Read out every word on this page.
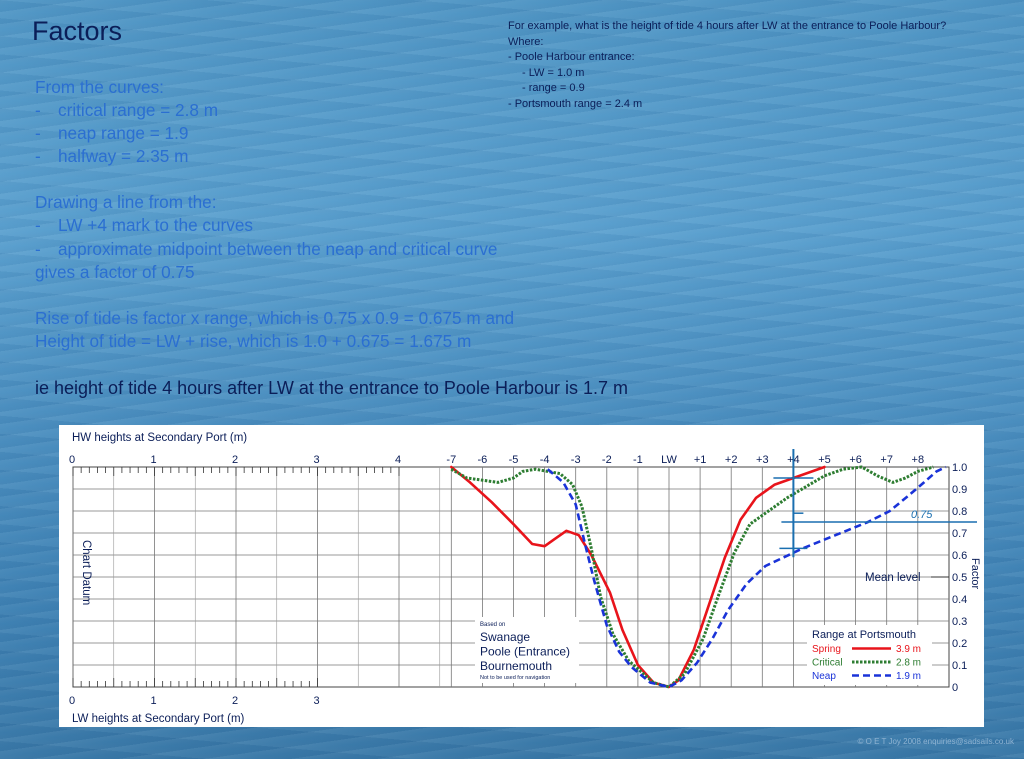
Factors	For example, what is the height of tide 4 hours after LW at the entrance to Poole Harbour?
Where:
- Poole Harbour entrance:
- LW = 1.0 m
- range = 0.9
- Portsmouth range = 2.4 m
From the curves:
- critical range = 2.8 m
- neap range = 1.9
- halfway = 2.35 m
Drawing a line from the:
- LW +4 mark to the curves
- approximate midpoint between the neap and critical curve
gives a factor of 0.75
Rise of tide is factor x range, which is 0.75 x 0.9 = 0.675 m and
Height of tide = LW + rise, which is 1.0 + 0.675 = 1.675 m
ie height of tide 4 hours after LW at the entrance to Poole Harbour is 1.7 m
0	1	2	3	4
0	1	2	3
HW heights at Secondary Port (m)
LW heights at Secondary Port (m)
Chart Datum
-7 -6 -5 -4 -3 -2 -1 LW +1 +2 +3 +4 +5 +6 +7 +8
0
0.1
0.2
0.3
0.4
0.5
0.6
0.7
0.8
0.9
1.0
Factor
Mean level
0.75
Based on
Swanage
Poole (Entrance)
Bournemouth
Not to be used for navigation
Range at Portsmouth
Spring	3.9 m
Critical	2.8 m
Neap	1.9 m
© O E T Joy 2008 enquiries@sadsails.co.uk
